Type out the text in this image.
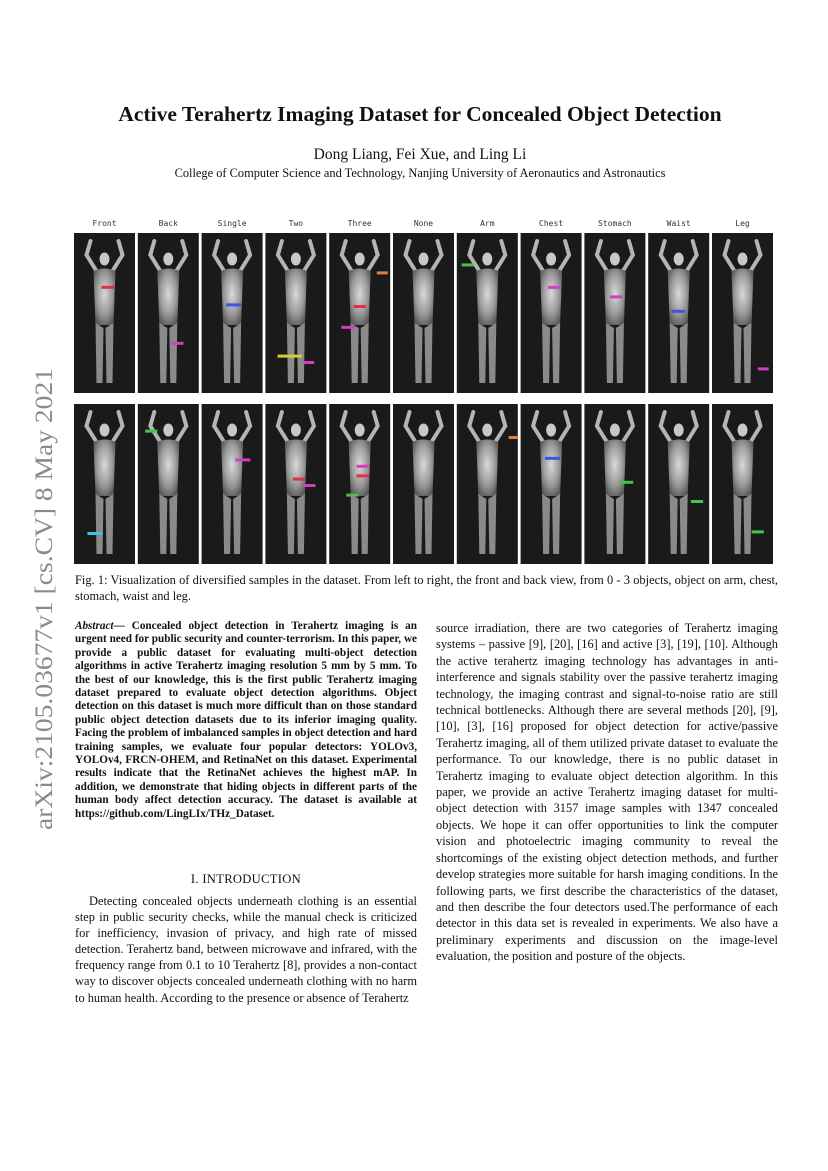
arXiv:2105.03677v1 [cs.CV] 8 May 2021
Active Terahertz Imaging Dataset for Concealed Object Detection
Dong Liang, Fei Xue, and Ling Li
College of Computer Science and Technology, Nanjing University of Aeronautics and Astronautics
Front	Back	Single	Two	Three	None	Arm	Chest	Stomach	Waist	Leg
Fig. 1: Visualization of diversified samples in the dataset. From left to right, the front and back view, from 0 - 3 objects, object on arm, chest, stomach, waist and leg.
Abstract— Concealed object detection in Terahertz imaging is an urgent need for public security and counter-terrorism. In this paper, we provide a public dataset for evaluating multi-object detection algorithms in active Terahertz imaging resolution 5 mm by 5 mm. To the best of our knowledge, this is the first public Terahertz imaging dataset prepared to evaluate object detection algorithms. Object detection on this dataset is much more difficult than on those standard public object detection datasets due to its inferior imaging quality. Facing the problem of imbalanced samples in object detection and hard training samples, we evaluate four popular detectors: YOLOv3, YOLOv4, FRCN-OHEM, and RetinaNet on this dataset. Experimental results indicate that the RetinaNet achieves the highest mAP. In addition, we demonstrate that hiding objects in different parts of the human body affect detection accuracy. The dataset is available at https://github.com/LingLIx/THz_Dataset.
I. INTRODUCTION
Detecting concealed objects underneath clothing is an essential step in public security checks, while the manual check is criticized for inefficiency, invasion of privacy, and high rate of missed detection. Terahertz band, between microwave and infrared, with the frequency range from 0.1 to 10 Terahertz [8], provides a non-contact way to discover objects concealed underneath clothing with no harm to human health. According to the presence or absence of Terahertz
source irradiation, there are two categories of Terahertz imaging systems – passive [9], [20], [16] and active [3], [19], [10]. Although the active terahertz imaging technology has advantages in anti-interference and signals stability over the passive terahertz imaging technology, the imaging contrast and signal-to-noise ratio are still technical bottlenecks. Although there are several methods [20], [9], [10], [3], [16] proposed for object detection for active/passive Terahertz imaging, all of them utilized private dataset to evaluate the performance. To our knowledge, there is no public dataset in Terahertz imaging to evaluate object detection algorithm. In this paper, we provide an active Terahertz imaging dataset for multi-object detection with 3157 image samples with 1347 concealed objects. We hope it can offer opportunities to link the computer vision and photoelectric imaging community to reveal the shortcomings of the existing object detection methods, and further develop strategies more suitable for harsh imaging conditions. In the following parts, we first describe the characteristics of the dataset, and then describe the four detectors used.The performance of each detector in this data set is revealed in experiments. We also have a preliminary experiments and discussion on the image-level evaluation, the position and posture of the objects.
